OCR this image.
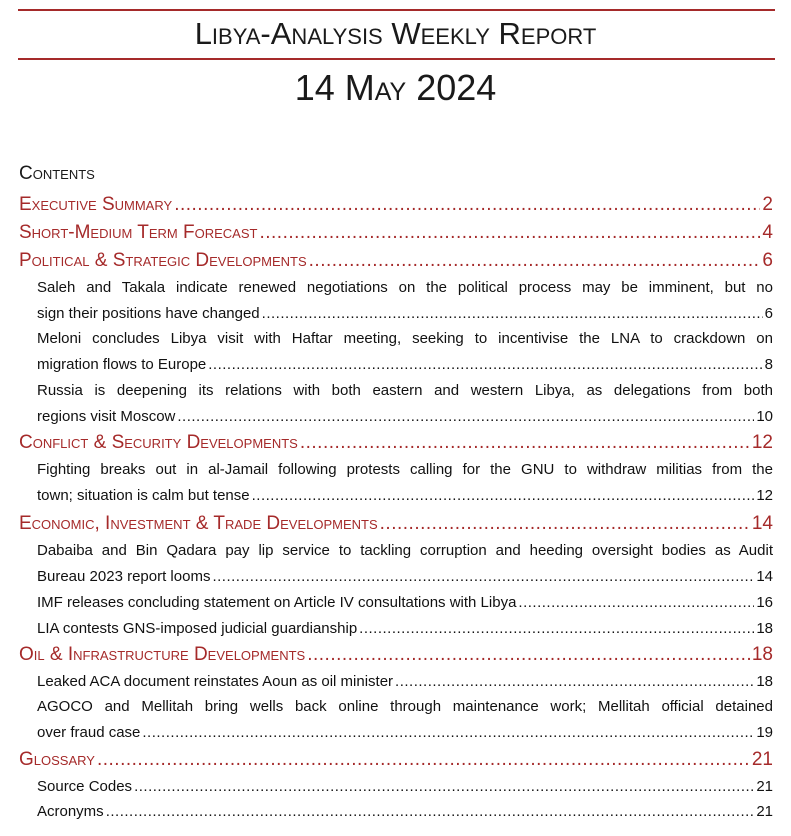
Libya-Analysis Weekly Report
14 May 2024
Contents
Executive Summary .....	2
Short-Medium Term Forecast .....	4
Political & Strategic Developments .....	6
Saleh and Takala indicate renewed negotiations on the political process may be imminent, but no
sign their positions have changed .....	6
Meloni concludes Libya visit with Haftar meeting, seeking to incentivise the LNA to crackdown on
migration flows to Europe .....	8
Russia is deepening its relations with both eastern and western Libya, as delegations from both
regions visit Moscow .....	10
Conflict & Security Developments .....	12
Fighting breaks out in al-Jamail following protests calling for the GNU to withdraw militias from the
town; situation is calm but tense .....	12
Economic, Investment & Trade Developments .....	14
Dabaiba and Bin Qadara pay lip service to tackling corruption and heeding oversight bodies as Audit
Bureau 2023 report looms .....	14
IMF releases concluding statement on Article IV consultations with Libya .....	16
LIA contests GNS-imposed judicial guardianship .....	18
Oil & Infrastructure Developments .....	18
Leaked ACA document reinstates Aoun as oil minister .....	18
AGOCO and Mellitah bring wells back online through maintenance work; Mellitah official detained
over fraud case .....	19
Glossary .....	21
Source Codes .....	21
Acronyms .....	21
